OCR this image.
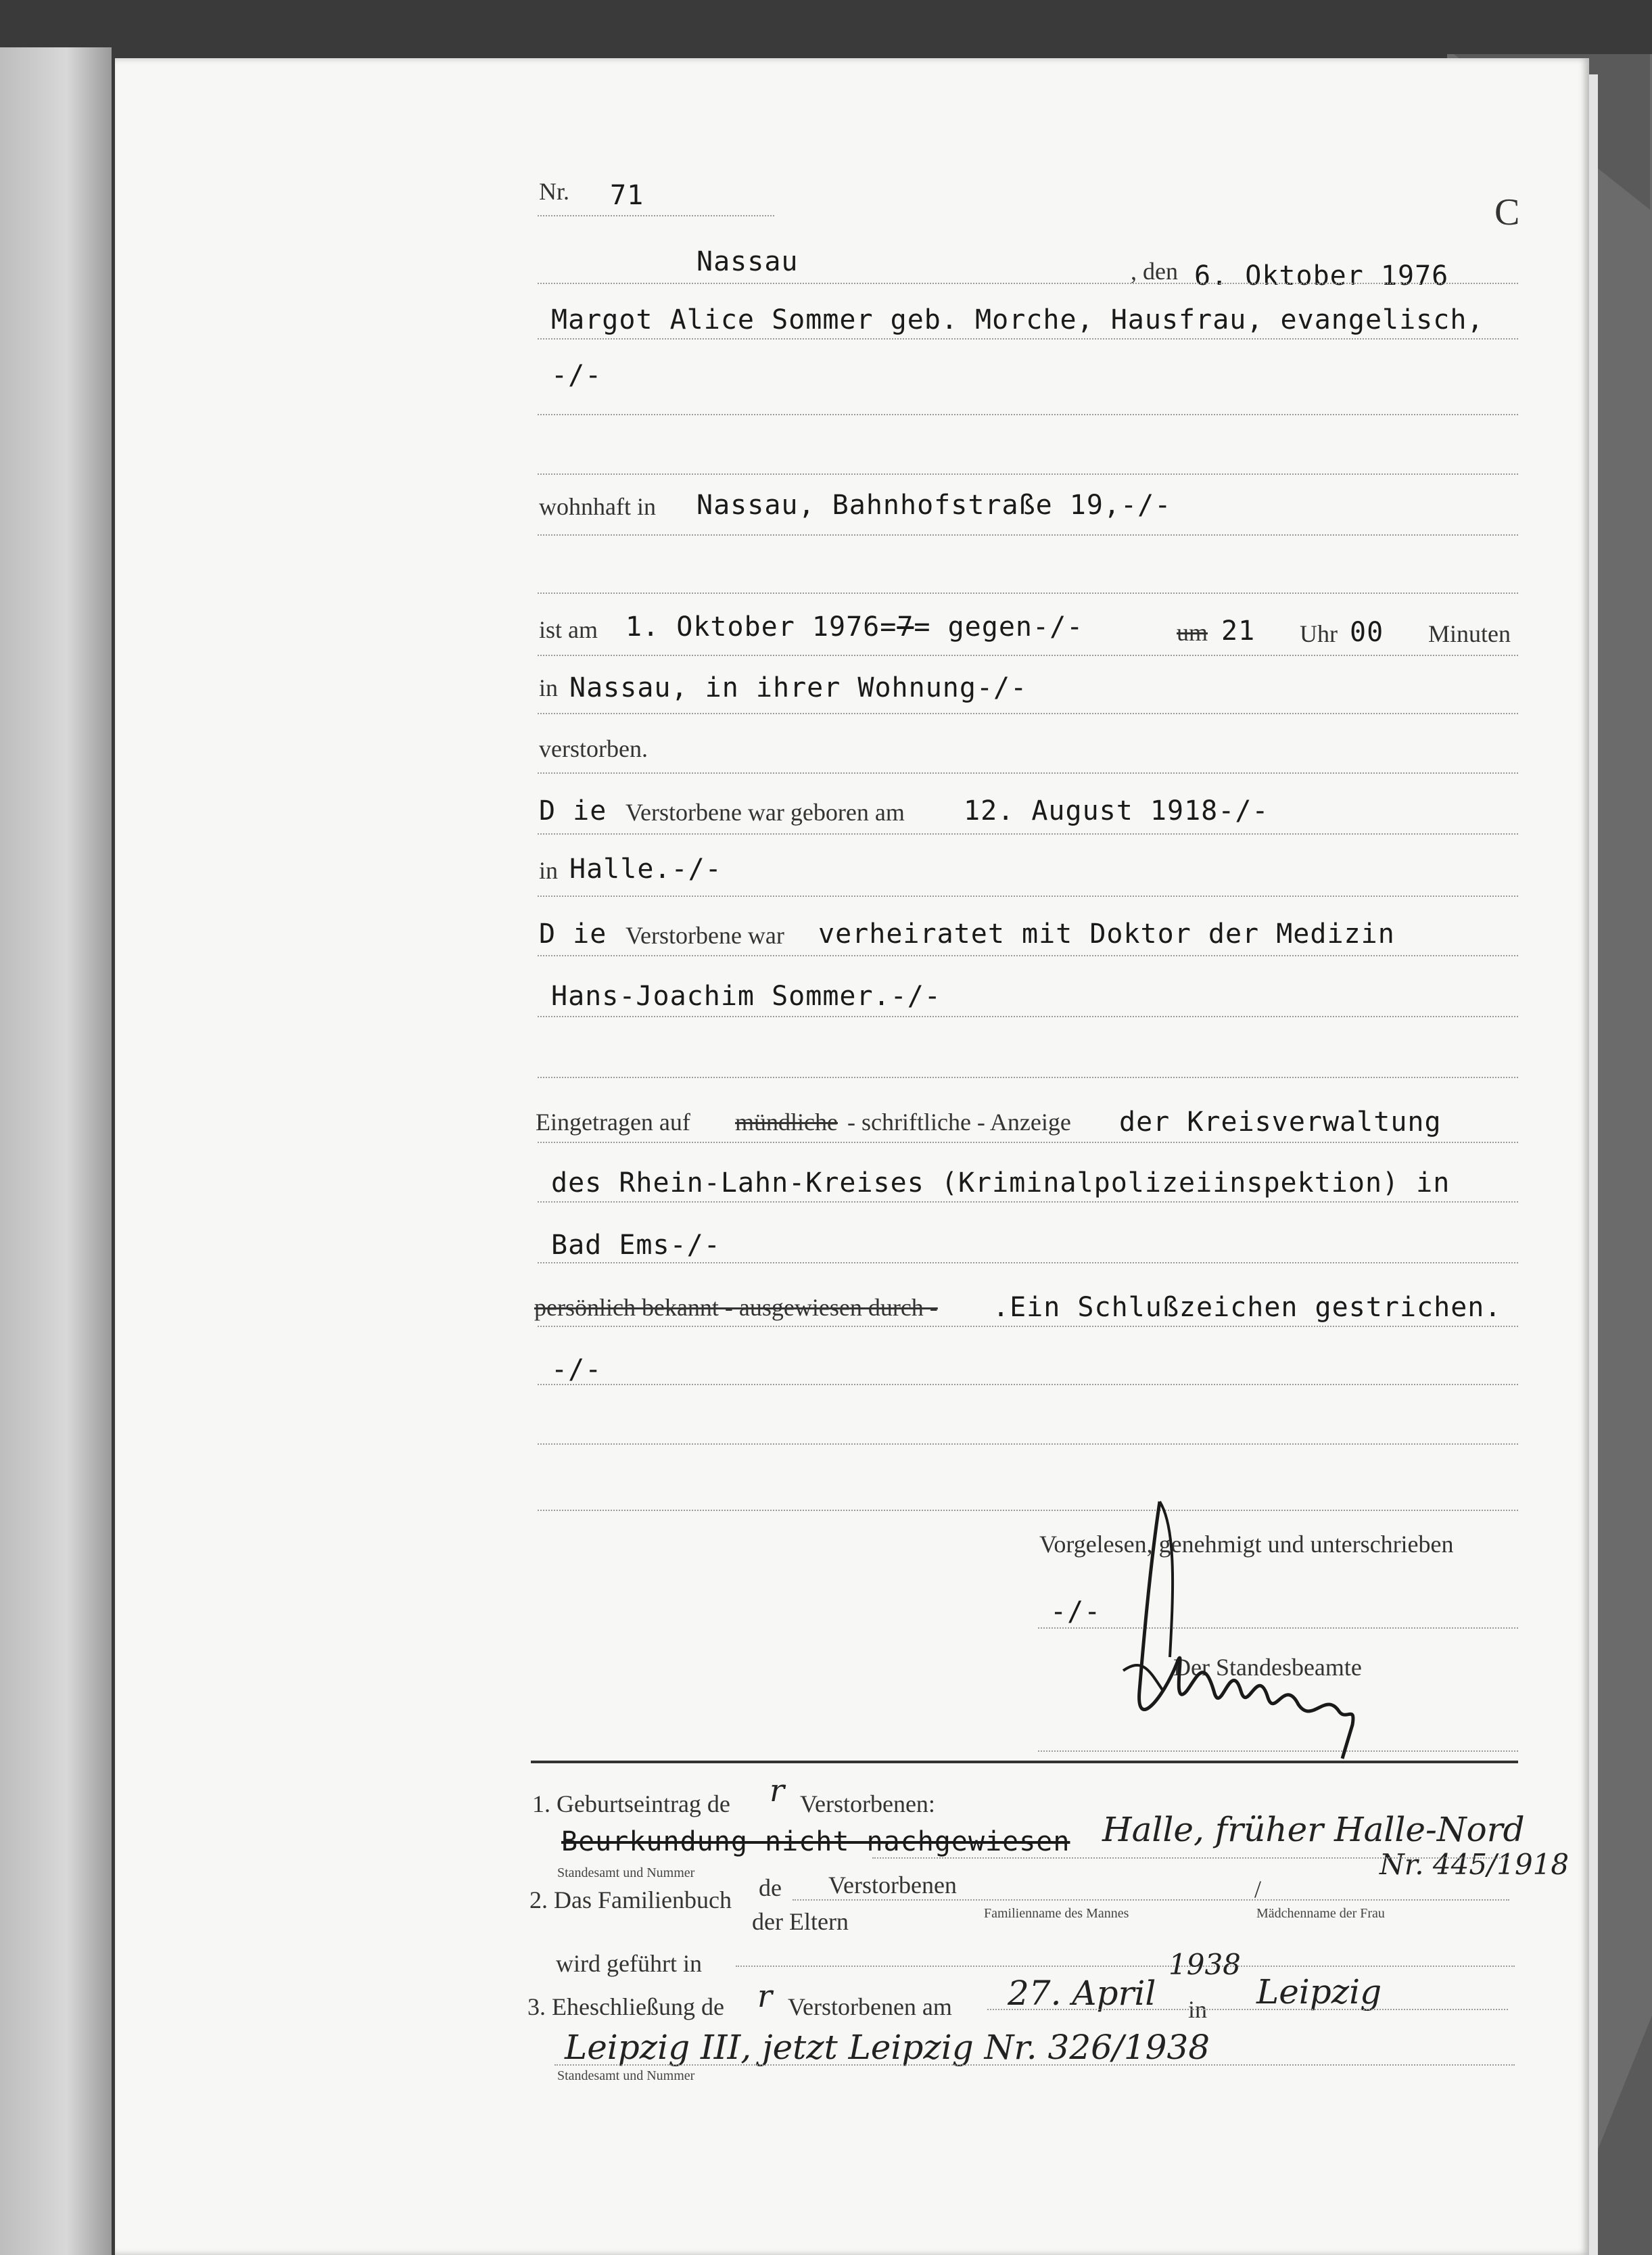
Nr. 71	C
Nassau	, den 6. Oktober 1976
Margot Alice Sommer geb. Morche, Hausfrau, evangelisch,
-/-
wohnhaft in Nassau, Bahnhofstraße 19,-/-
ist am 1. Oktober 1976=7= gegen-/-	um 21 Uhr 00 Minuten
in Nassau, in ihrer Wohnung-/-
verstorben.
D ie Verstorbene war geboren am 12. August 1918-/-
in Halle.-/-
D ie Verstorbene war verheiratet mit Doktor der Medizin
Hans-Joachim Sommer.-/-
Eingetragen auf mündliche - schriftliche - Anzeige der Kreisverwaltung
des Rhein-Lahn-Kreises (Kriminalpolizeiinspektion) in
Bad Ems-/-
persönlich bekannt - ausgewiesen durch - .Ein Schlußzeichen gestrichen.
-/-
Vorgelesen, genehmigt und unterschrieben
-/-
Der Standesbeamte
1. Geburtseintrag de r Verstorbenen:
Beurkundung nicht nachgewiesen Halle, früher Halle-Nord
Nr. 445/1918
Standesamt und Nummer
2. Das Familienbuch de Verstorbenen
der Eltern
/
Familienname des Mannes	Mädchenname der Frau
wird geführt in
3. Eheschließung de r Verstorbenen am 27. April
1938
in Leipzig
Leipzig III, jetzt Leipzig Nr. 326/1938
Standesamt und Nummer
